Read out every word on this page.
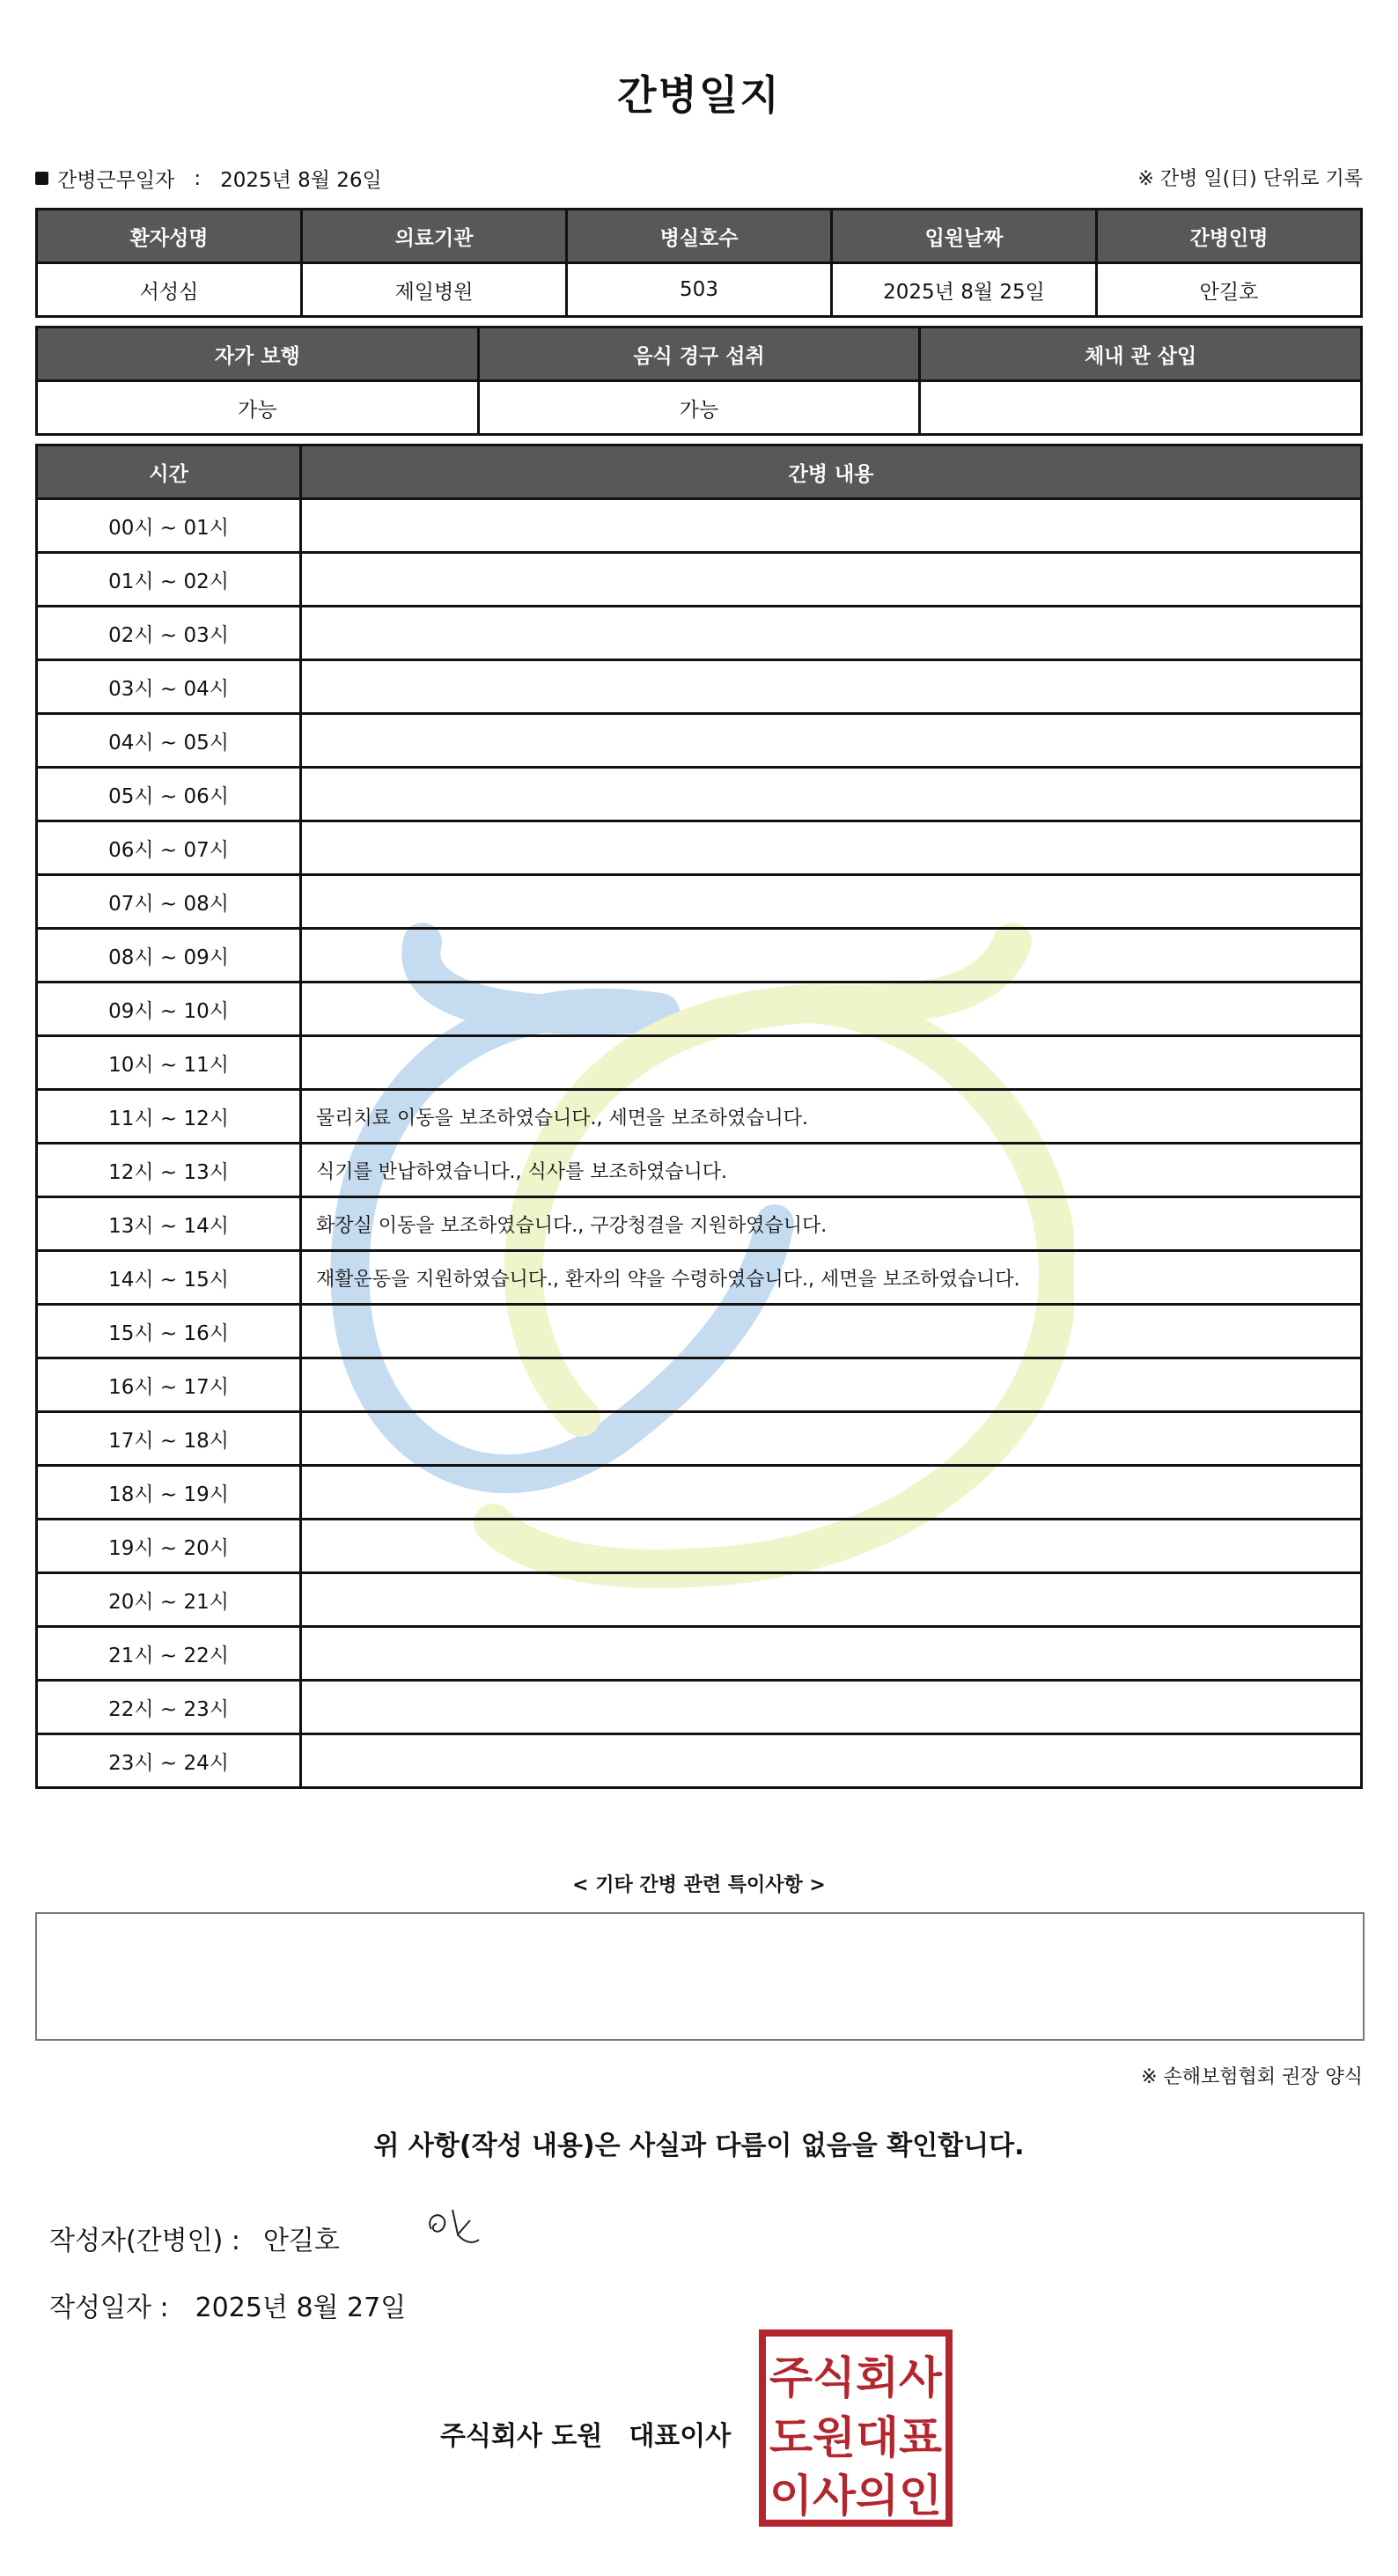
간병일지
간병근무일자 : 2025년 8월 26일	※ 간병 일(日) 단위로 기록
환자성명	의료기관	병실호수	입원날짜	간병인명
서성심	제일병원	503	2025년 8월 25일	안길호
자가 보행	음식 경구 섭취	체내 관 삽입
가능	가능	
시간	간병 내용
00시 ~ 01시	
01시 ~ 02시	
02시 ~ 03시	
03시 ~ 04시	
04시 ~ 05시	
05시 ~ 06시	
06시 ~ 07시	
07시 ~ 08시	
08시 ~ 09시	
09시 ~ 10시	
10시 ~ 11시	
11시 ~ 12시	물리치료 이동을 보조하였습니다., 세면을 보조하였습니다.
12시 ~ 13시	식기를 반납하였습니다., 식사를 보조하였습니다.
13시 ~ 14시	화장실 이동을 보조하였습니다., 구강청결을 지원하였습니다.
14시 ~ 15시	재활운동을 지원하였습니다., 환자의 약을 수령하였습니다., 세면을 보조하였습니다.
15시 ~ 16시	
16시 ~ 17시	
17시 ~ 18시	
18시 ~ 19시	
19시 ~ 20시	
20시 ~ 21시	
21시 ~ 22시	
22시 ~ 23시	
23시 ~ 24시	
< 기타 간병 관련 특이사항 >
※ 손해보험협회 권장 양식
위 사항(작성 내용)은 사실과 다름이 없음을 확인합니다.
작성자(간병인) : 안길호
작성일자 : 2025년 8월 27일
주식회사 도원 대표이사
주식회사
도원대표
이사의인
